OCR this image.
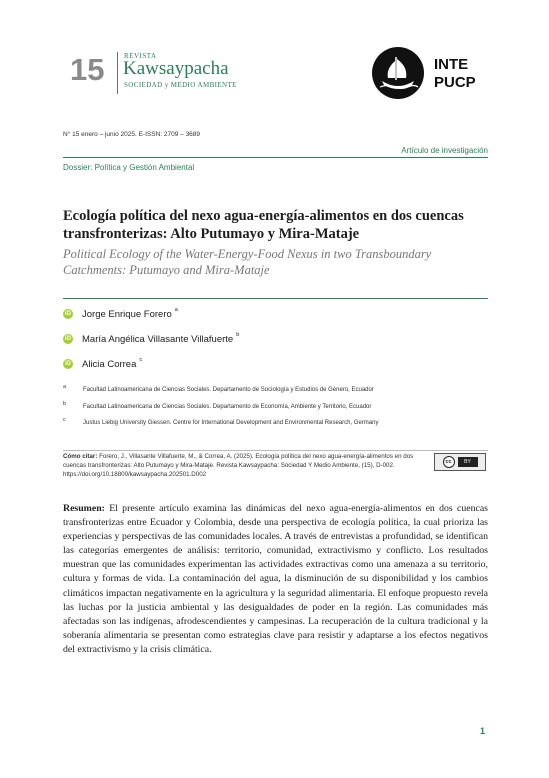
15	REVISTA
Kawsaypacha
SOCIEDAD y MEDIO AMBIENTE
INTE
PUCP
N° 15 enero – junio 2025. E-ISSN: 2709 – 3689
Artículo de investigación
Dossier: Política y Gestión Ambiental
Ecología política del nexo agua-energía-alimentos en dos cuencas transfronterizas: Alto Putumayo y Mira-Mataje
Political Ecology of the Water-Energy-Food Nexus in two Transboundary Catchments: Putumayo and Mira-Mataje
iD Jorge Enrique Forero a
iD María Angélica Villasante Villafuerte b
iD Alicia Correa c
a	Facultad Latinoamericana de Ciencias Sociales. Departamento de Sociología y Estudios de Género, Ecuador
b	Facultad Latinoamericana de Ciencias Sociales. Departamento de Economía, Ambiente y Territorio, Ecuador
c	Justus Liebig University Giessen. Centre for International Development and Environmental Research, Germany
Cómo citar: Forero, J., Villasante Villafuerte, M., & Correa, A. (2025). Ecología política del nexo agua-energía-alimentos en dos cuencas transfronterizas: Alto Putumayo y Mira-Mataje. Revista Kawsaypacha: Sociedad Y Medio Ambiente, (15), D-002. https://doi.org/10.18800/kawsaypacha.202501.D002
cc	BY
Resumen: El presente artículo examina las dinámicas del nexo agua-energía-alimentos en dos cuencas transfronterizas entre Ecuador y Colombia, desde una perspectiva de ecología política, la cual prioriza las experiencias y perspectivas de las comunidades locales. A través de entrevistas a profundidad, se identifican las categorías emergentes de análisis: territorio, comunidad, extractivismo y conflicto. Los resultados muestran que las comunidades experimentan las actividades extractivas como una amenaza a su territorio, cultura y formas de vida. La contaminación del agua, la disminución de su disponibilidad y los cambios climáticos impactan negativamente en la agricultura y la seguridad alimentaria. El enfoque propuesto revela las luchas por la justicia ambiental y las desigualdades de poder en la región. Las comunidades más afectadas son las indígenas, afrodescendientes y campesinas. La recuperación de la cultura tradicional y la soberanía alimentaria se presentan como estrategias clave para resistir y adaptarse a los efectos negativos del extractivismo y la crisis climática.
1
